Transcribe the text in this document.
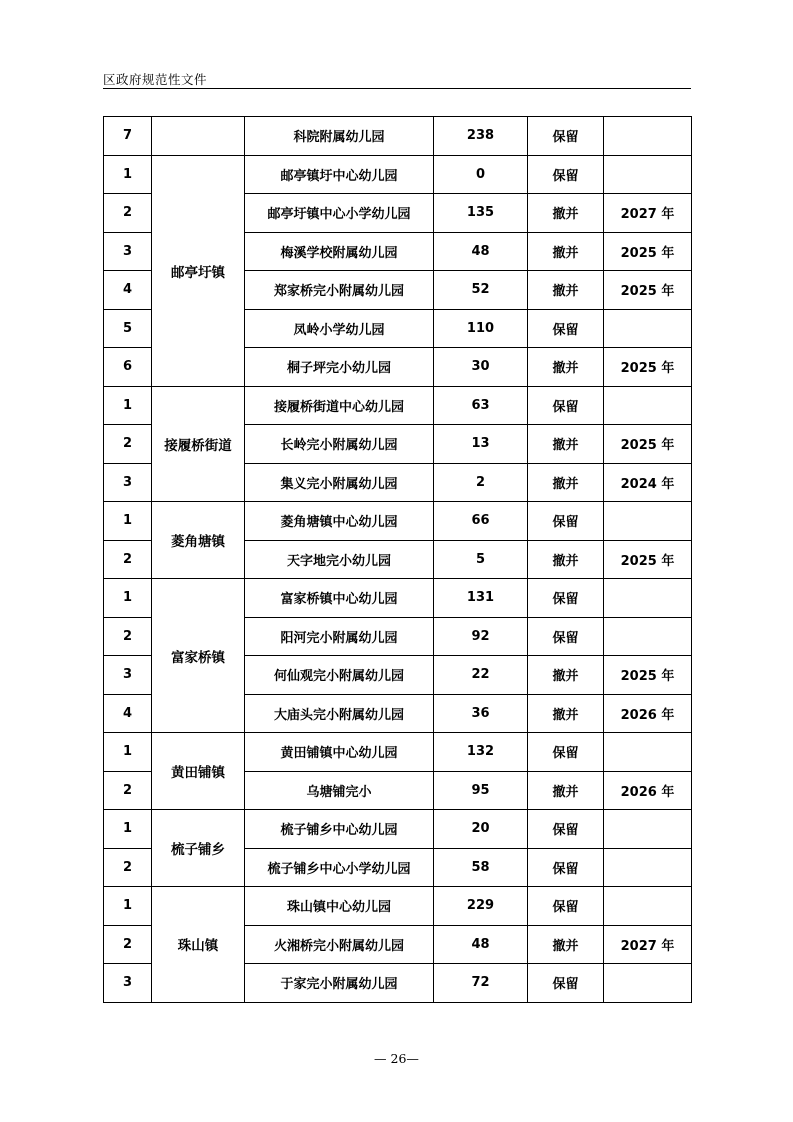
区政府规范性文件
7		科院附属幼儿园	238	保留	
1	邮亭圩镇	邮亭镇圩中心幼儿园	0	保留	
2		邮亭圩镇中心小学幼儿园	135	撤并	2027 年
3		梅溪学校附属幼儿园	48	撤并	2025 年
4		郑家桥完小附属幼儿园	52	撤并	2025 年
5		凤岭小学幼儿园	110	保留	
6		桐子坪完小幼儿园	30	撤并	2025 年
1	接履桥街道	接履桥街道中心幼儿园	63	保留	
2		长岭完小附属幼儿园	13	撤并	2025 年
3		集义完小附属幼儿园	2	撤并	2024 年
1	菱角塘镇	菱角塘镇中心幼儿园	66	保留	
2		天字地完小幼儿园	5	撤并	2025 年
1	富家桥镇	富家桥镇中心幼儿园	131	保留	
2		阳河完小附属幼儿园	92	保留	
3		何仙观完小附属幼儿园	22	撤并	2025 年
4		大庙头完小附属幼儿园	36	撤并	2026 年
1	黄田铺镇	黄田铺镇中心幼儿园	132	保留	
2		乌塘铺完小	95	撤并	2026 年
1	梳子铺乡	梳子铺乡中心幼儿园	20	保留	
2		梳子铺乡中心小学幼儿园	58	保留	
1	珠山镇	珠山镇中心幼儿园	229	保留	
2		火湘桥完小附属幼儿园	48	撤并	2027 年
3		于家完小附属幼儿园	72	保留	
— 26—
